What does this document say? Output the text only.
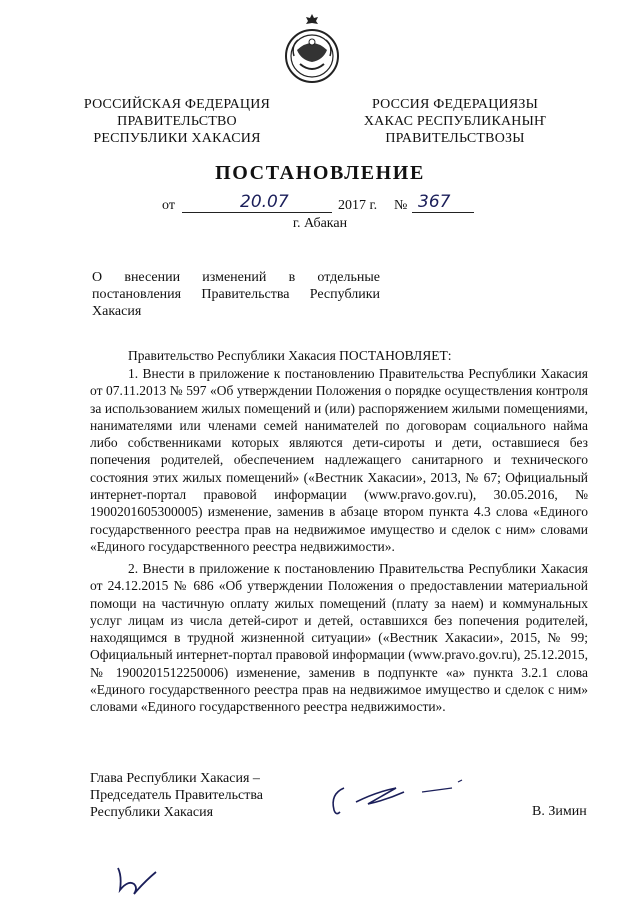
РОССИЙСКАЯ ФЕДЕРАЦИЯ
ПРАВИТЕЛЬСТВО
РЕСПУБЛИКИ ХАКАСИЯ
РОССИЯ ФЕДЕРАЦИЯЗЫ
ХАКАС РЕСПУБЛИКАНЫҤ
ПРАВИТЕЛЬСТВОЗЫ
ПОСТАНОВЛЕНИЕ
от	20.07	2017 г. № 367
г. Абакан
О внесении изменений в отдельные
постановления Правительства Республики
Хакасия
Правительство Республики Хакасия ПОСТАНОВЛЯЕТ:
1. Внести в приложение к постановлению Правительства Республики Хакасия от 07.11.2013 № 597 «Об утверждении Положения о порядке осуществления контроля за использованием жилых помещений и (или) распоряжением жилыми помещениями, нанимателями или членами семей нанимателей по договорам социального найма либо собственниками которых являются дети-сироты и дети, оставшиеся без попечения родителей, обеспечением надлежащего санитарного и технического состояния этих жилых помещений» («Вестник Хакасии», 2013, № 67; Официальный интернет-портал правовой информации (www.pravo.gov.ru), 30.05.2016, № 1900201605300005) изменение, заменив в абзаце втором пункта 4.3 слова «Единого государственного реестра прав на недвижимое имущество и сделок с ним» словами «Единого государственного реестра недвижимости».
2. Внести в приложение к постановлению Правительства Республики Хакасия от 24.12.2015 № 686 «Об утверждении Положения о предоставлении материальной помощи на частичную оплату жилых помещений (плату за наем) и коммунальных услуг лицам из числа детей-сирот и детей, оставшихся без попечения родителей, находящимся в трудной жизненной ситуации» («Вестник Хакасии», 2015, № 99; Официальный интернет-портал правовой информации (www.pravo.gov.ru), 25.12.2015, № 1900201512250006) изменение, заменив в подпункте «а» пункта 3.2.1 слова «Единого государственного реестра прав на недвижимое имущество и сделок с ним» словами «Единого государственного реестра недвижимости».
Глава Республики Хакасия –
Председатель Правительства
Республики Хакасия	В. Зимин
